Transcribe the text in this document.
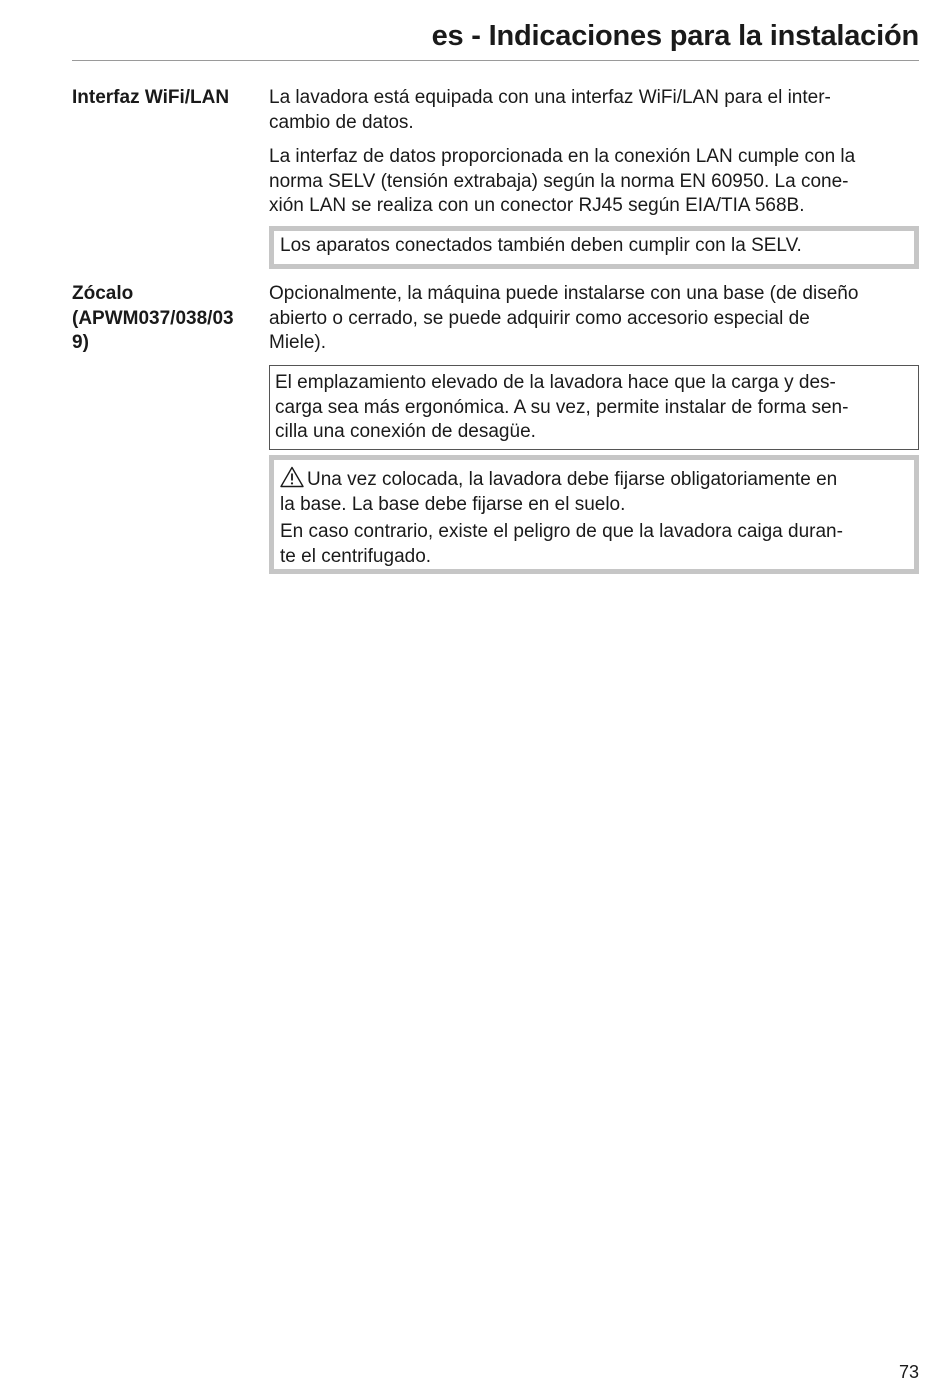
es - Indicaciones para la instalación
Interfaz WiFi/LAN	La lavadora está equipada con una interfaz WiFi/LAN para el inter-

cambio de datos.

La interfaz de datos proporcionada en la conexión LAN cumple con la

norma SELV (tensión extrabaja) según la norma EN 60950. La cone-

xión LAN se realiza con un conector RJ45 según EIA/TIA 568B.

Los aparatos conectados también deben cumplir con la SELV.

Zócalo
(APWM037/038/03
9)

Opcionalmente, la máquina puede instalarse con una base (de diseño

abierto o cerrado, se puede adquirir como accesorio especial de

Miele).

El emplazamiento elevado de la lavadora hace que la carga y des-

carga sea más ergonómica. A su vez, permite instalar de forma sen-

cilla una conexión de desagüe.

Una vez colocada, la lavadora debe fijarse obligatoriamente en

la base. La base debe fijarse en el suelo.

En caso contrario, existe el peligro de que la lavadora caiga duran-

te el centrifugado.

73
